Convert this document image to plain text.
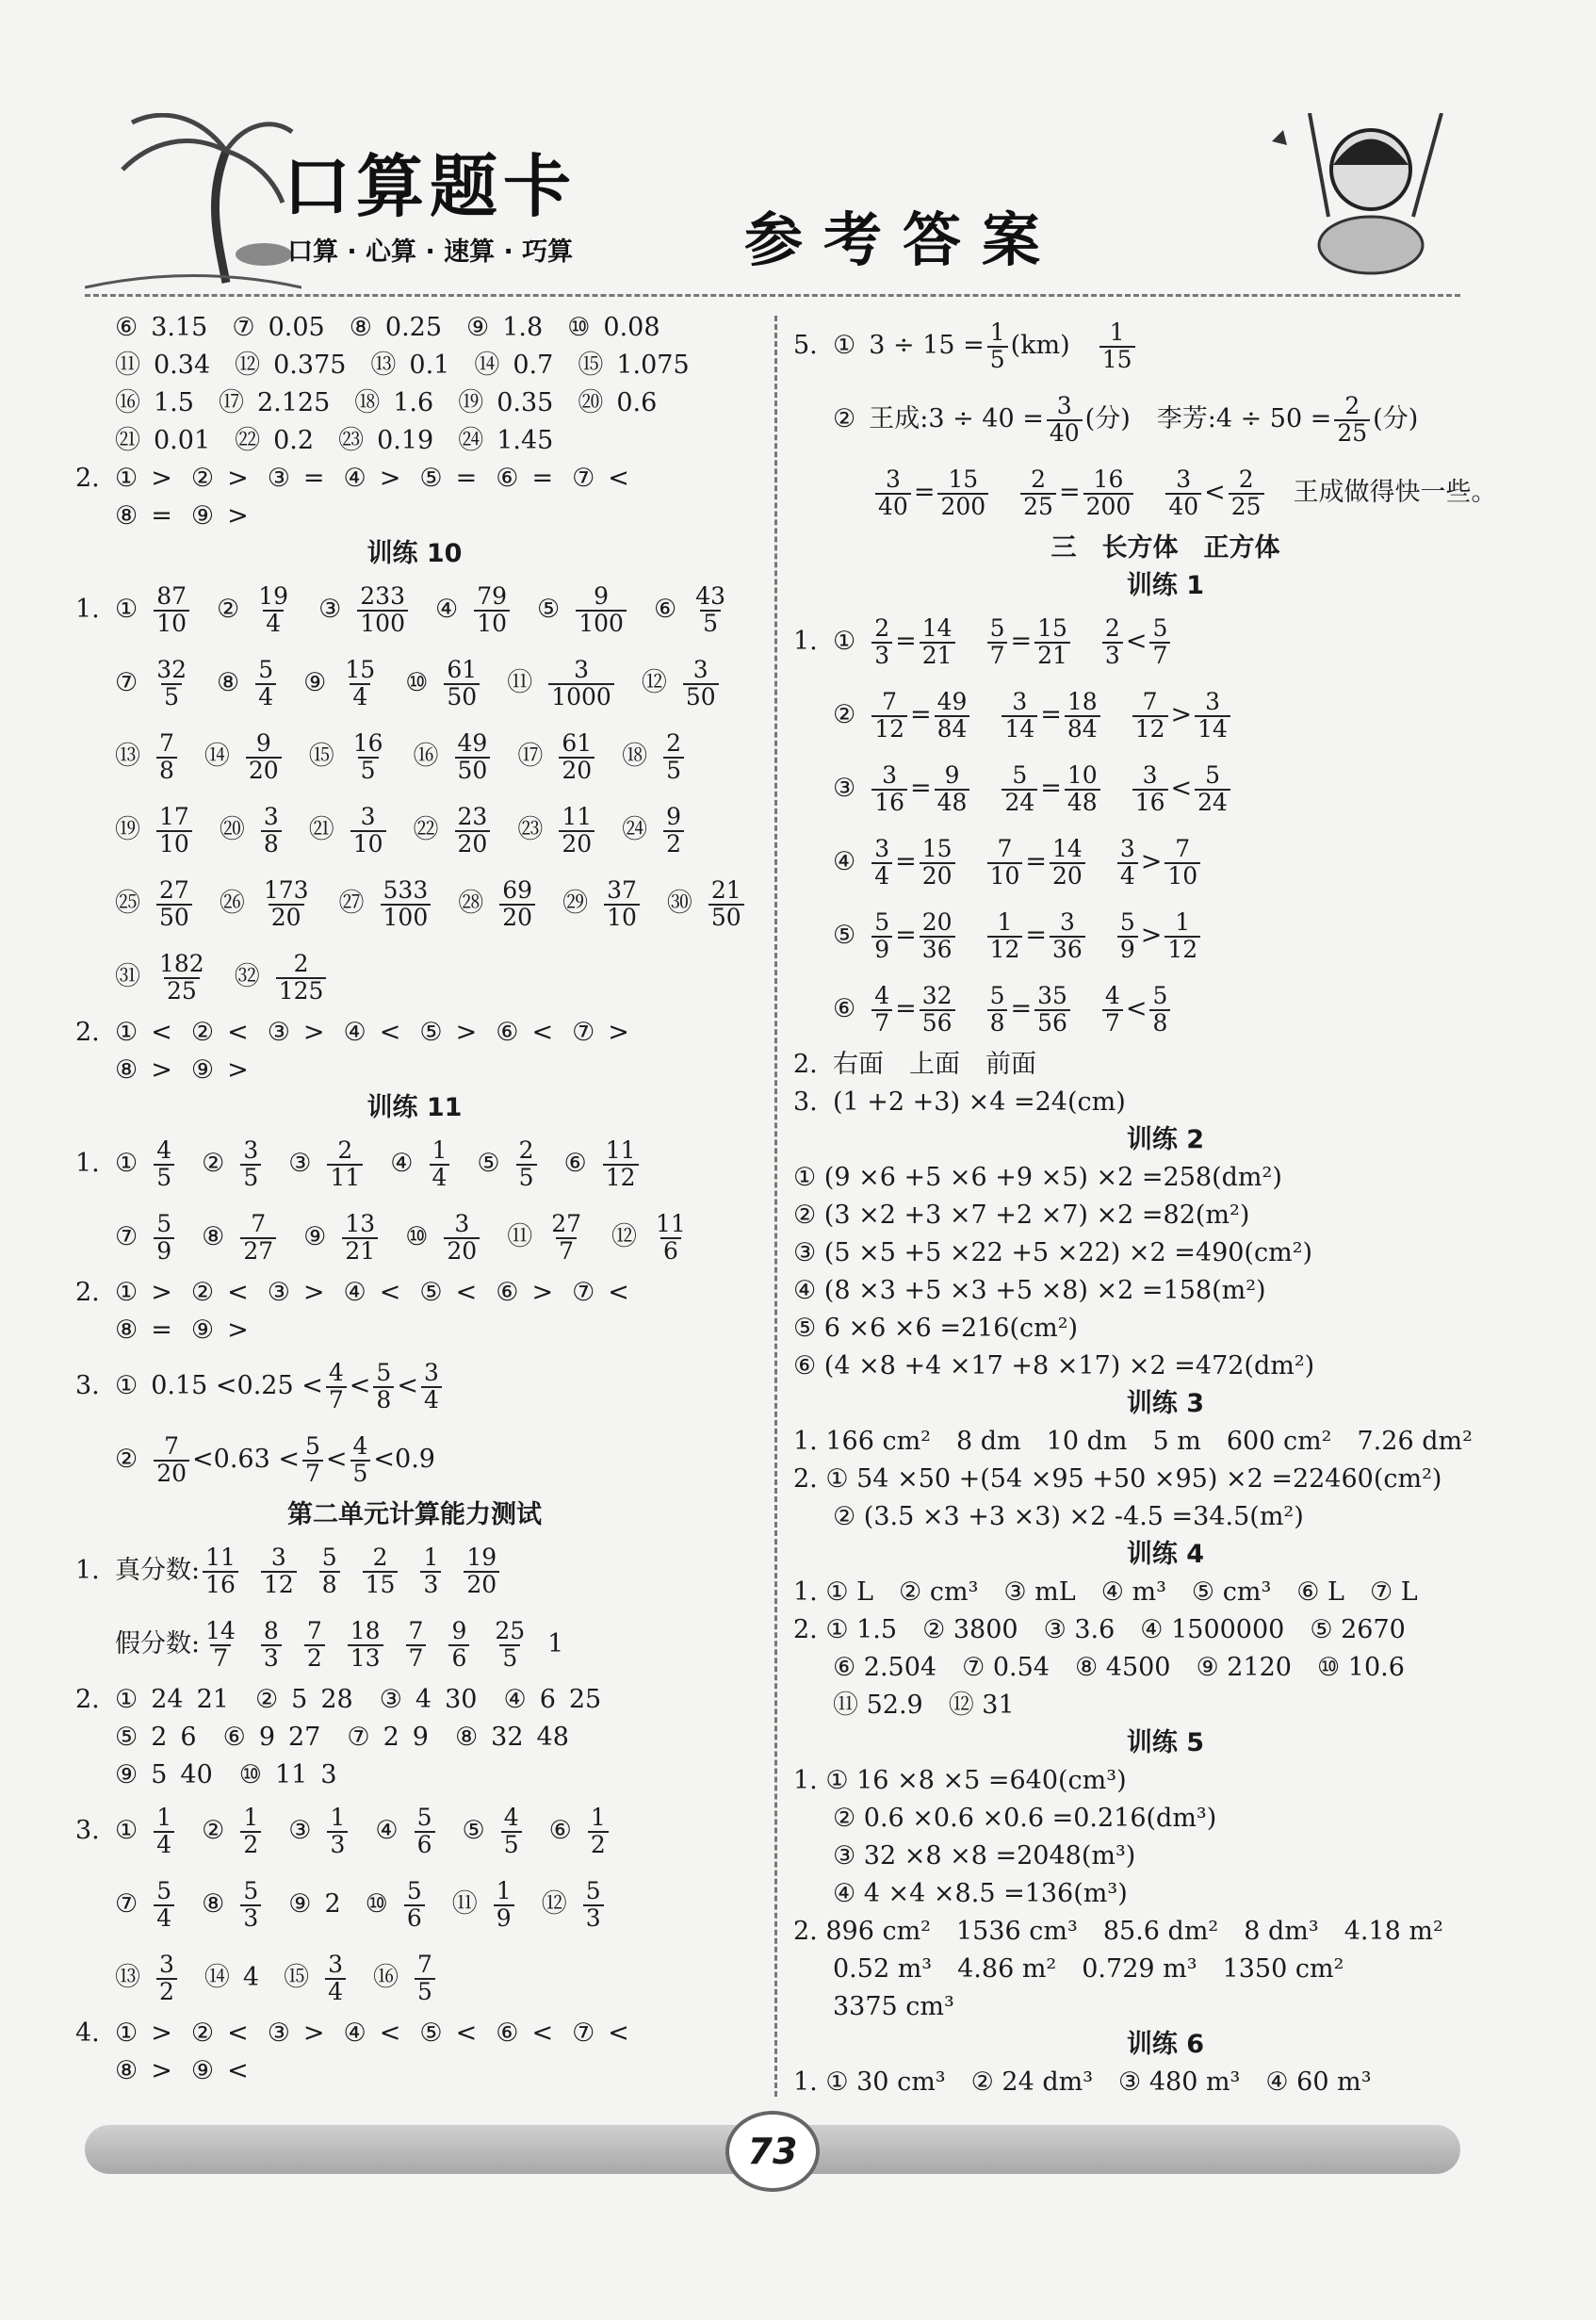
口算题卡
口算 · 心算 · 速算 · 巧算	参考答案
⑥ 3.15 ⑦ 0.05 ⑧ 0.25 ⑨ 1.8 ⑩ 0.08
⑪ 0.34 ⑫ 0.375 ⑬ 0.1 ⑭ 0.7 ⑮ 1.075
⑯ 1.5 ⑰ 2.125 ⑱ 1.6 ⑲ 0.35 ⑳ 0.6
㉑ 0.01 ㉒ 0.2 ㉓ 0.19 ㉔ 1.45
2. ① > ② > ③ = ④ > ⑤ = ⑥ = ⑦ <
⑧ = ⑨ >
训练 10
1. ① $\frac{87}{10}$ ② $\frac{19}{4}$ ③ $\frac{233}{100}$ ④ $\frac{79}{10}$ ⑤ $\frac{9}{100}$ ⑥ $\frac{43}{5}$
⑦ $\frac{32}{5}$ ⑧ $\frac{5}{4}$ ⑨ $\frac{15}{4}$ ⑩ $\frac{61}{50}$ ⑪ $\frac{3}{1000}$ ⑫ $\frac{3}{50}$
⑬ $\frac{7}{8}$ ⑭ $\frac{9}{20}$ ⑮ $\frac{16}{5}$ ⑯ $\frac{49}{50}$ ⑰ $\frac{61}{20}$ ⑱ $\frac{2}{5}$
⑲ $\frac{17}{10}$ ⑳ $\frac{3}{8}$ ㉑ $\frac{3}{10}$ ㉒ $\frac{23}{20}$ ㉓ $\frac{11}{20}$ ㉔ $\frac{9}{2}$
㉕ $\frac{27}{50}$ ㉖ $\frac{173}{20}$ ㉗ $\frac{533}{100}$ ㉘ $\frac{69}{20}$ ㉙ $\frac{37}{10}$ ㉚ $\frac{21}{50}$
㉛ $\frac{182}{25}$ ㉜ $\frac{2}{125}$
2. ① < ② < ③ > ④ < ⑤ > ⑥ < ⑦ >
⑧ > ⑨ >
训练 11
1. ① $\frac{4}{5}$ ② $\frac{3}{5}$ ③ $\frac{2}{11}$ ④ $\frac{1}{4}$ ⑤ $\frac{2}{5}$ ⑥ $\frac{11}{12}$
⑦ $\frac{5}{9}$ ⑧ $\frac{7}{27}$ ⑨ $\frac{13}{21}$ ⑩ $\frac{3}{20}$ ⑪ $\frac{27}{7}$ ⑫ $\frac{11}{6}$
2. ① > ② < ③ > ④ < ⑤ < ⑥ > ⑦ <
⑧ = ⑨ >
3. ① $0.15 <0.25 < \frac{4}{7} < \frac{5}{8} < \frac{3}{4}$
② $\frac{7}{20} <0.63 < \frac{5}{7} < \frac{4}{5} <0.9$
第二单元计算能力测试
1. 真分数: $\frac{11}{16} \frac{3}{12} \frac{5}{8} \frac{2}{15} \frac{1}{3} \frac{19}{20}$
假分数: $\frac{14}{7} \frac{8}{3} \frac{7}{2} \frac{18}{13} \frac{7}{7} \frac{9}{6} \frac{25}{5} 1$
2. ① 24 21 ② 5 28 ③ 4 30 ④ 6 25
⑤ 2 6 ⑥ 9 27 ⑦ 2 9 ⑧ 32 48
⑨ 5 40 ⑩ 11 3
3. ① $\frac{1}{4}$ ② $\frac{1}{2}$ ③ $\frac{1}{3}$ ④ $\frac{5}{6}$ ⑤ $\frac{4}{5}$ ⑥ $\frac{1}{2}$
⑦ $\frac{5}{4}$ ⑧ $\frac{5}{3}$ ⑨ 2 ⑩ $\frac{5}{6}$ ⑪ $\frac{1}{9}$ ⑫ $\frac{5}{3}$
⑬ $\frac{3}{2}$ ⑭ 4 ⑮ $\frac{3}{4}$ ⑯ $\frac{7}{5}$
4. ① > ② < ③ > ④ < ⑤ < ⑥ < ⑦ <
⑧ > ⑨ <
5. ① $3 \div 15 = \frac{1}{5} (km) \frac{1}{15}$
② 王成:3 ÷ $40 = \frac{3}{40}$ (分) 李芳:4 ÷ $50 = \frac{2}{25}$ (分)
$\frac{3}{40} = \frac{15}{200} \frac{2}{25} = \frac{16}{200} \frac{3}{40} < \frac{2}{25}$ 王成做得快一些。
三　长方体　正方体
训练 1
1. ① $\frac{2}{3} = \frac{14}{21} \frac{5}{7} = \frac{15}{21} \frac{2}{3} < \frac{5}{7}$
② $\frac{7}{12} = \frac{49}{84} \frac{3}{14} = \frac{18}{84} \frac{7}{12} > \frac{3}{14}$
③ $\frac{3}{16} = \frac{9}{48} \frac{5}{24} = \frac{10}{48} \frac{3}{16} < \frac{5}{24}$
④ $\frac{3}{4} = \frac{15}{20} \frac{7}{10} = \frac{14}{20} \frac{3}{4} > \frac{7}{10}$
⑤ $\frac{5}{9} = \frac{20}{36} \frac{1}{12} = \frac{3}{36} \frac{5}{9} > \frac{1}{12}$
⑥ $\frac{4}{7} = \frac{32}{56} \frac{5}{8} = \frac{35}{56} \frac{4}{7} < \frac{5}{8}$
2. 右面　上面　前面
3. (1 +2 +3) ×4 =24(cm)
训练 2
① (9 ×6 +5 ×6 +9 ×5) ×2 =258(dm²)
② (3 ×2 +3 ×7 +2 ×7) ×2 =82(m²)
③ (5 ×5 +5 ×22 +5 ×22) ×2 =490(cm²)
④ (8 ×3 +5 ×3 +5 ×8) ×2 =158(m²)
⑤ 6 ×6 ×6 =216(cm²)
⑥ (4 ×8 +4 ×17 +8 ×17) ×2 =472(dm²)
训练 3
1. 166 cm²　8 dm　10 dm　5 m　600 cm²　7.26 dm²
2. ① 54 ×50 +(54 ×95 +50 ×95) ×2 =22460(cm²)
② (3.5 ×3 +3 ×3) ×2 -4.5 =34.5(m²)
训练 4
1. ① L　② cm³　③ mL　④ m³　⑤ cm³　⑥ L　⑦ L
2. ① 1.5　② 3800　③ 3.6　④ 1500000　⑤ 2670
⑥ 2.504　⑦ 0.54　⑧ 4500　⑨ 2120　⑩ 10.6
⑪ 52.9　⑫ 31
训练 5
1. ① 16 ×8 ×5 =640(cm³)
② 0.6 ×0.6 ×0.6 =0.216(dm³)
③ 32 ×8 ×8 =2048(m³)
④ 4 ×4 ×8.5 =136(m³)
2. 896 cm²　1536 cm³　85.6 dm²　8 dm³　4.18 m²
0.52 m³　4.86 m²　0.729 m³　1350 cm²
3375 cm³
训练 6
1. ① 30 cm³　② 24 dm³　③ 480 m³　④ 60 m³
73
